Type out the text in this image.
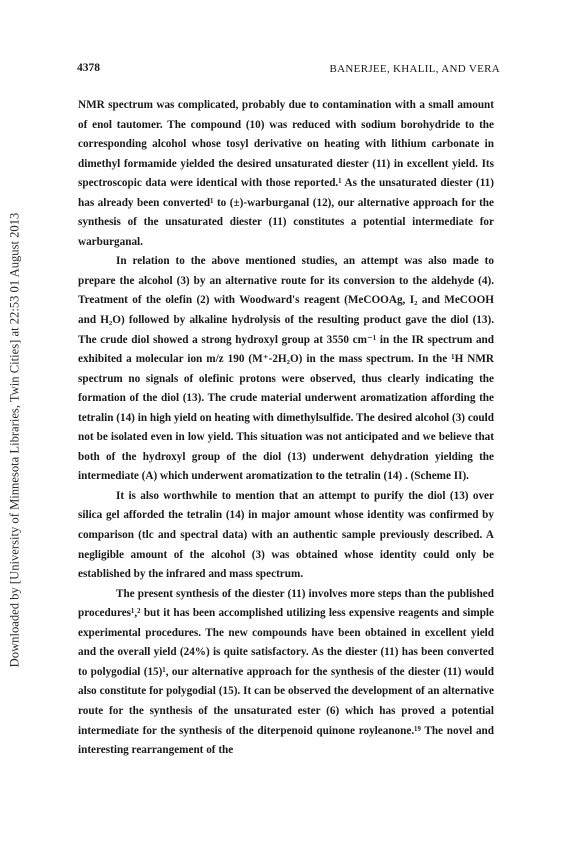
Downloaded by [University of Minnesota Libraries, Twin Cities] at 22:53 01 August 2013
4378	BANERJEE, KHALIL, AND VERA

NMR spectrum was complicated, probably due to contamination with a small amount of enol tautomer. The compound (10) was reduced with sodium borohydride to the corresponding alcohol whose tosyl derivative on heating with lithium carbonate in dimethyl formamide yielded the desired unsaturated diester (11) in excellent yield. Its spectroscopic data were identical with those reported.¹ As the unsaturated diester (11) has already been converted¹ to (±)-warburganal (12), our alternative approach for the synthesis of the unsaturated diester (11) constitutes a potential intermediate for warburganal.

In relation to the above mentioned studies, an attempt was also made to prepare the alcohol (3) by an alternative route for its conversion to the aldehyde (4). Treatment of the olefin (2) with Woodward's reagent (MeCOOAg, I₂ and MeCOOH and H₂O) followed by alkaline hydrolysis of the resulting product gave the diol (13). The crude diol showed a strong hydroxyl group at 3550 cm⁻¹ in the IR spectrum and exhibited a molecular ion m/z 190 (M⁺-2H₂O) in the mass spectrum. In the ¹H NMR spectrum no signals of olefinic protons were observed, thus clearly indicating the formation of the diol (13). The crude material underwent aromatization affording the tetralin (14) in high yield on heating with dimethylsulfide. The desired alcohol (3) could not be isolated even in low yield. This situation was not anticipated and we believe that both of the hydroxyl group of the diol (13) underwent dehydration yielding the intermediate (A) which underwent aromatization to the tetralin (14) . (Scheme II).

It is also worthwhile to mention that an attempt to purify the diol (13) over silica gel afforded the tetralin (14) in major amount whose identity was confirmed by comparison (tlc and spectral data) with an authentic sample previously described. A negligible amount of the alcohol (3) was obtained whose identity could only be established by the infrared and mass spectrum.

The present synthesis of the diester (11) involves more steps than the published procedures¹,² but it has been accomplished utilizing less expensive reagents and simple experimental procedures. The new compounds have been obtained in excellent yield and the overall yield (24%) is quite satisfactory. As the diester (11) has been converted to polygodial (15)¹, our alternative approach for the synthesis of the diester (11) would also constitute for polygodial (15). It can be observed the development of an alternative route for the synthesis of the unsaturated ester (6) which has proved a potential intermediate for the synthesis of the diterpenoid quinone royleanone.¹⁹ The novel and interesting rearrangement of the
